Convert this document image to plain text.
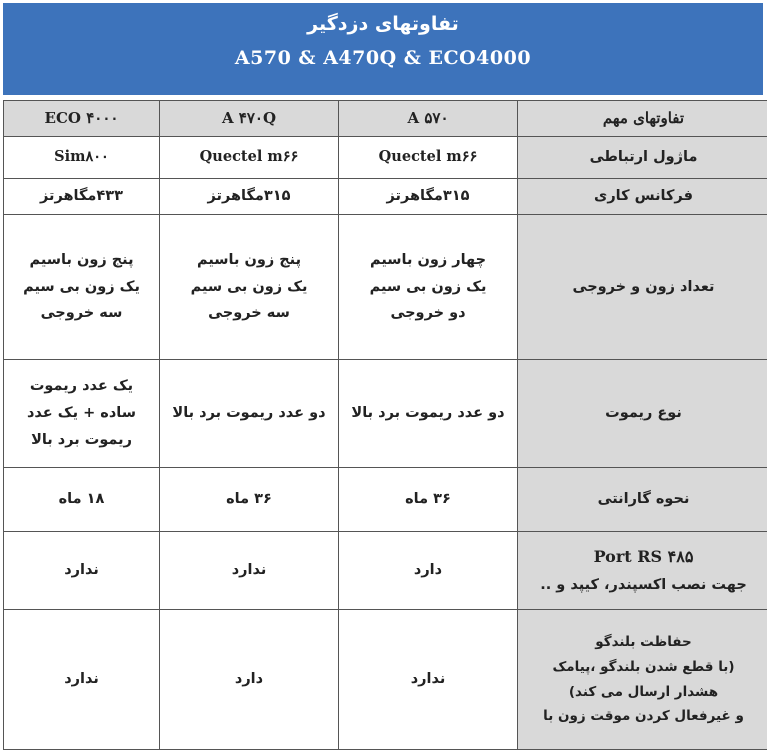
تفاوتهای دزدگیر
A570 & A470Q & ECO4000
تفاوتهای مهم	A ۵۷۰	A ۴۷۰Q	ECO ۴۰۰۰
ماژول ارتباطی	Quectel m۶۶	Quectel m۶۶	Sim۸۰۰
فرکانس کاری	۳۱۵مگاهرتز	۳۱۵مگاهرتز	۴۳۳مگاهرتز
تعداد زون و خروجی	چهار زون باسیم
یک زون بی سیم
دو خروجی	پنج زون باسیم
یک زون بی سیم
سه خروجی	پنج زون باسیم
یک زون بی سیم
سه خروجی

نوع ریموت	دو عدد ریموت برد بالا	دو عدد ریموت برد بالا	یک عدد ریموت
ساده + یک عدد
ریموت برد بالا

نحوه گارانتی	۳۶ ماه	۳۶ ماه	۱۸ ماه

Port RS ۴۸۵
جهت نصب اکسپندر، کیپد و ..	دارد	ندارد	ندارد

حفاظت بلندگو
(با قطع شدن بلندگو ،پیامک
هشدار ارسال می کند)
و غیرفعال کردن موقت زون با	ندارد	دارد	ندارد
